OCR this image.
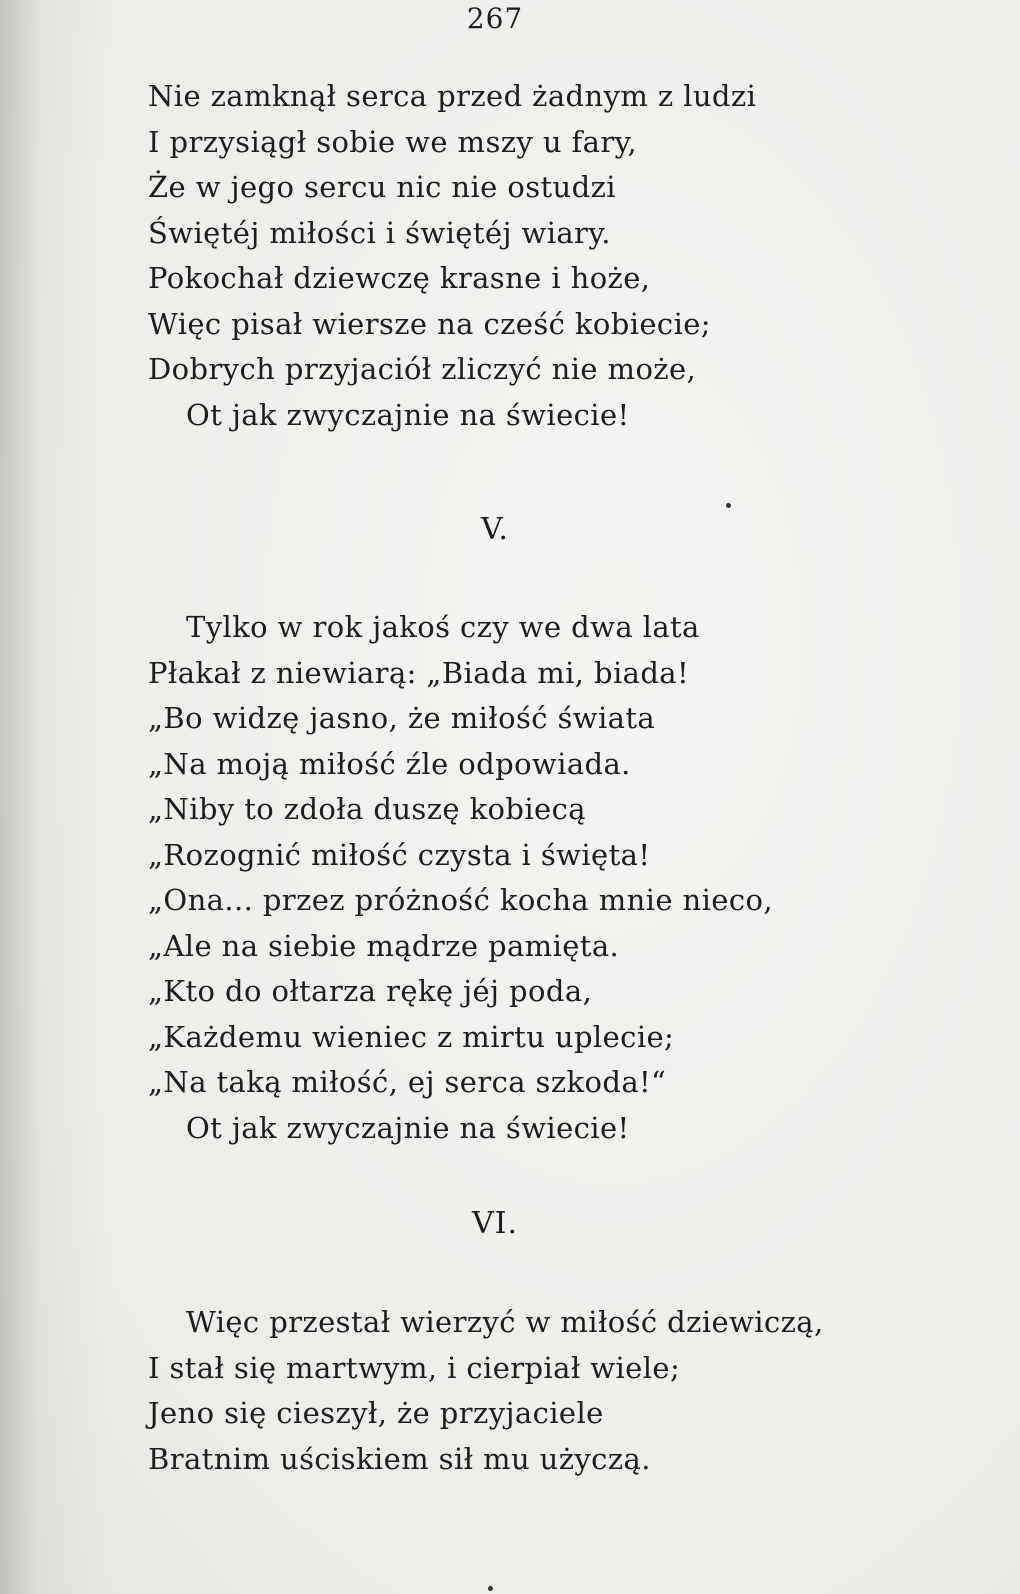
267
Nie zamknął serca przed żadnym z ludzi
I przysiągł sobie we mszy u fary,
Że w jego sercu nic nie ostudzi
Świętéj miłości i świętéj wiary.
Pokochał dziewczę krasne i hoże,
Więc pisał wiersze na cześć kobiecie;
Dobrych przyjaciół zliczyć nie może,
Ot jak zwyczajnie na świecie!
V.
Tylko w rok jakoś czy we dwa lata
Płakał z niewiarą: „Biada mi, biada!
„Bo widzę jasno, że miłość świata
„Na moją miłość źle odpowiada.
„Niby to zdoła duszę kobiecą
„Rozognić miłość czysta i święta!
„Ona... przez próżność kocha mnie nieco,
„Ale na siebie mądrze pamięta.
„Kto do ołtarza rękę jéj poda,
„Każdemu wieniec z mirtu uplecie;
„Na taką miłość, ej serca szkoda!“
Ot jak zwyczajnie na świecie!
VI.
Więc przestał wierzyć w miłość dziewiczą,
I stał się martwym, i cierpiał wiele;
Jeno się cieszył, że przyjaciele
Bratnim uściskiem sił mu użyczą.
